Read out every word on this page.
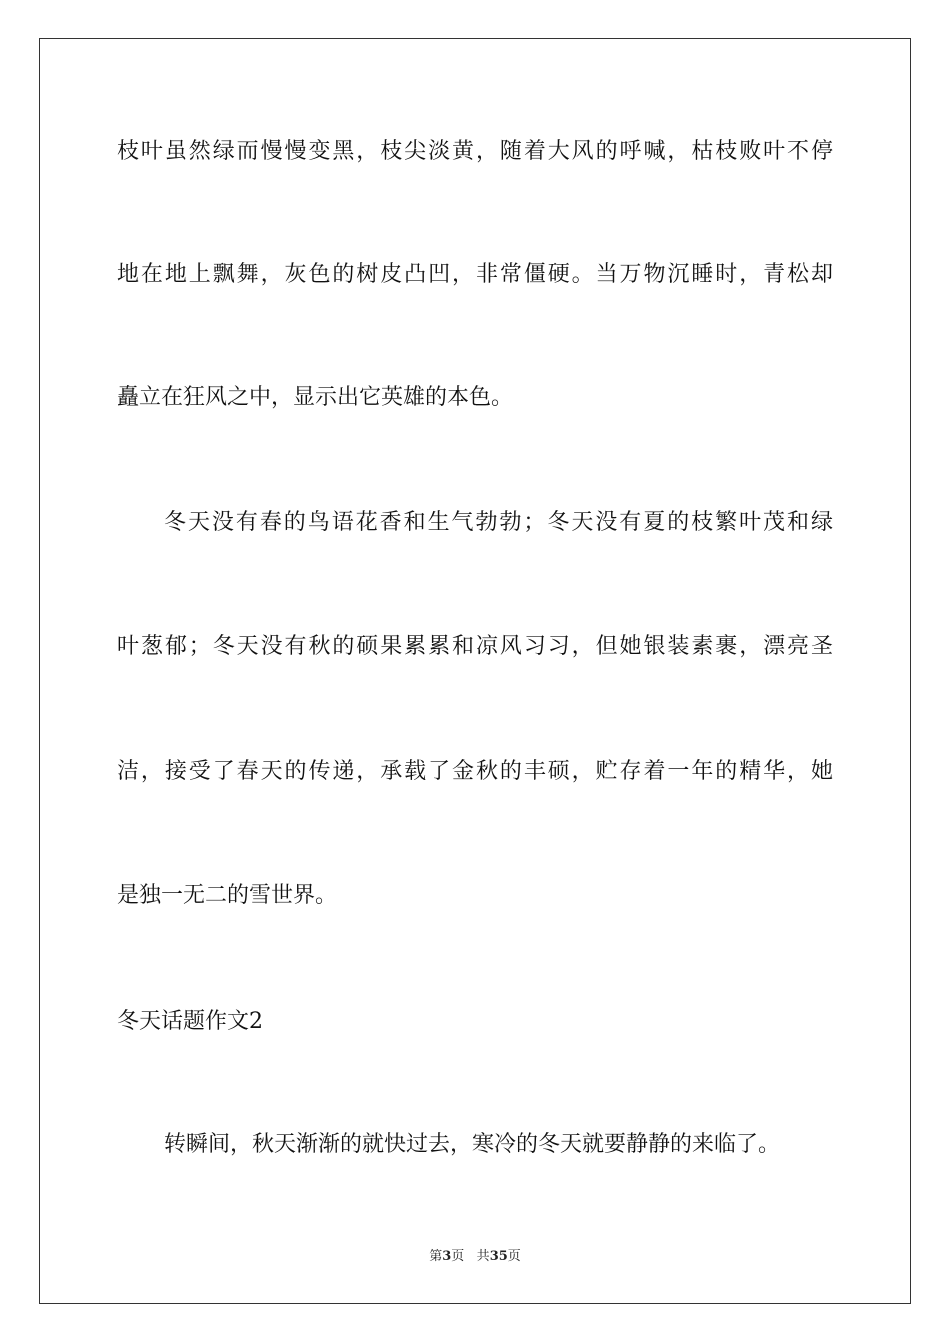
枝叶虽然绿而慢慢变黑，枝尖淡黄，随着大风的呼喊，枯枝败叶不停
地在地上飘舞，灰色的树皮凸凹，非常僵硬。当万物沉睡时，青松却
矗立在狂风之中，显示出它英雄的本色。
冬天没有春的鸟语花香和生气勃勃；冬天没有夏的枝繁叶茂和绿
叶葱郁；冬天没有秋的硕果累累和凉风习习，但她银装素裹，漂亮圣
洁，接受了春天的传递，承载了金秋的丰硕，贮存着一年的精华，她
是独一无二的雪世界。
冬天话题作文2
转瞬间，秋天渐渐的就快过去，寒冷的冬天就要静静的来临了。
第3页 共35页
